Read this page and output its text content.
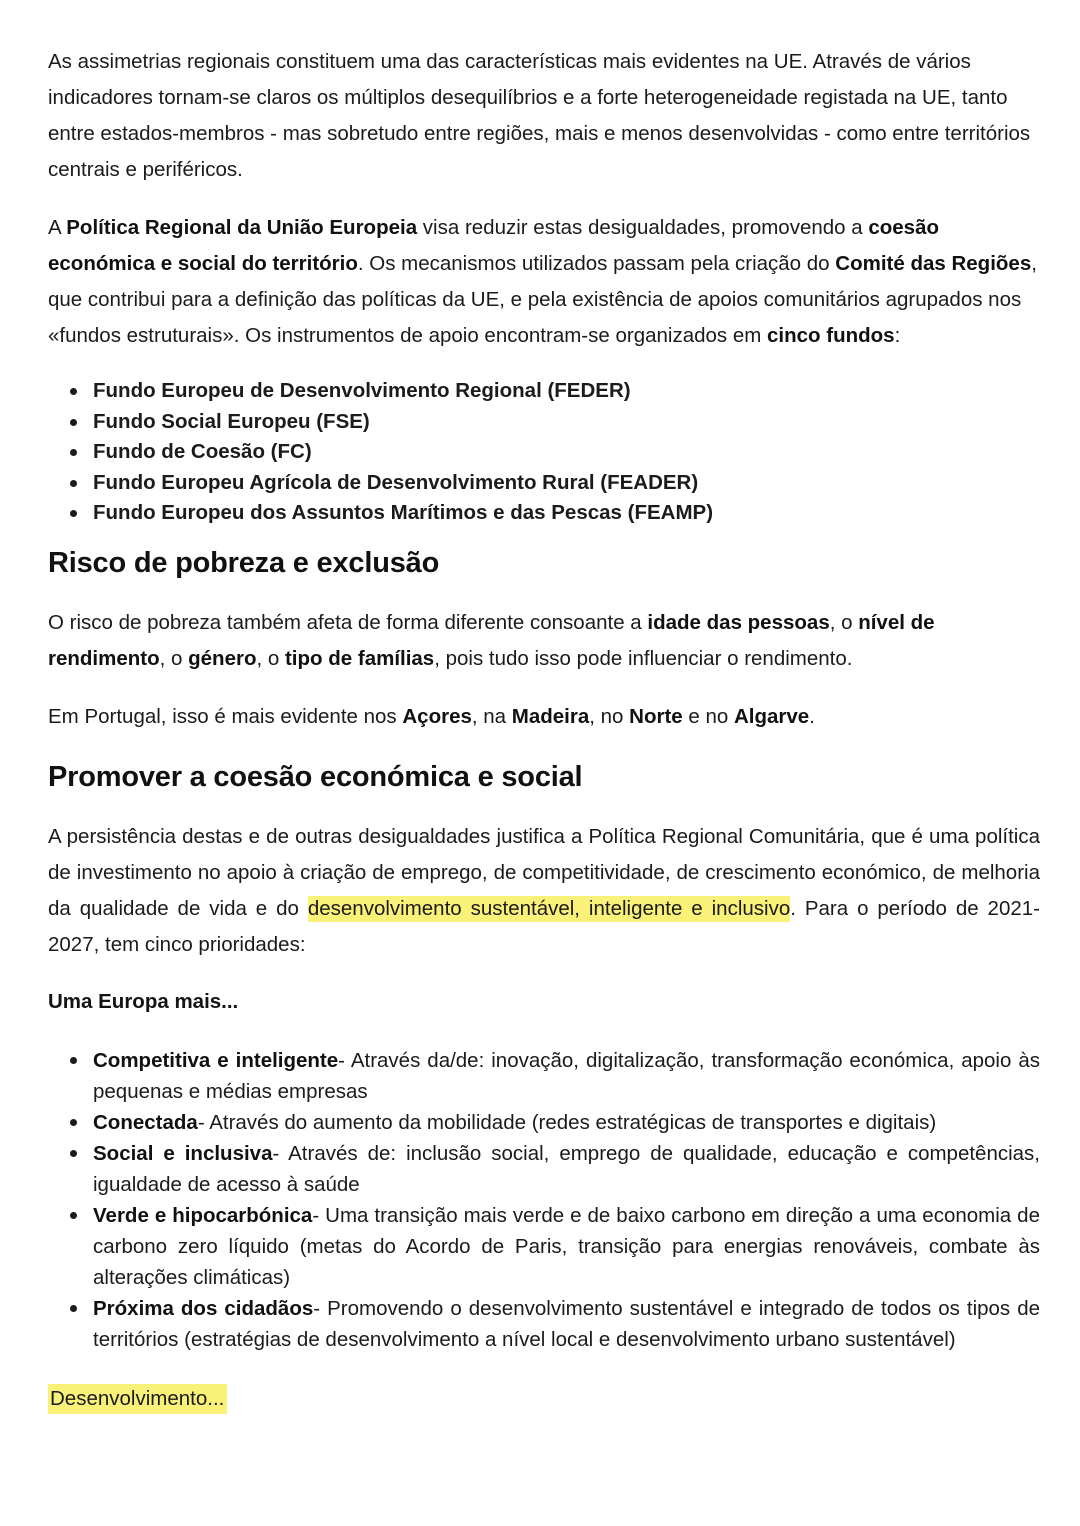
As assimetrias regionais constituem uma das características mais evidentes na UE. Através de vários indicadores tornam-se claros os múltiplos desequilíbrios e a forte heterogeneidade registada na UE, tanto entre estados-membros - mas sobretudo entre regiões, mais e menos desenvolvidas - como entre territórios centrais e periféricos.

A Política Regional da União Europeia visa reduzir estas desigualdades, promovendo a coesão económica e social do território. Os mecanismos utilizados passam pela criação do Comité das Regiões, que contribui para a definição das políticas da UE, e pela existência de apoios comunitários agrupados nos «fundos estruturais». Os instrumentos de apoio encontram-se organizados em cinco fundos:

Fundo Europeu de Desenvolvimento Regional (FEDER)
Fundo Social Europeu (FSE)
Fundo de Coesão (FC)
Fundo Europeu Agrícola de Desenvolvimento Rural (FEADER)
Fundo Europeu dos Assuntos Marítimos e das Pescas (FEAMP)
Risco de pobreza e exclusão

O risco de pobreza também afeta de forma diferente consoante a idade das pessoas, o nível de rendimento, o género, o tipo de famílias, pois tudo isso pode influenciar o rendimento.

Em Portugal, isso é mais evidente nos Açores, na Madeira, no Norte e no Algarve.

Promover a coesão económica e social

A persistência destas e de outras desigualdades justifica a Política Regional Comunitária, que é uma política de investimento no apoio à criação de emprego, de competitividade, de crescimento económico, de melhoria da qualidade de vida e do desenvolvimento sustentável, inteligente e inclusivo. Para o período de 2021-2027, tem cinco prioridades:

Uma Europa mais...

Competitiva e inteligente- Através da/de: inovação, digitalização, transformação económica, apoio às pequenas e médias empresas
Conectada- Através do aumento da mobilidade (redes estratégicas de transportes e digitais)
Social e inclusiva- Através de: inclusão social, emprego de qualidade, educação e competências, igualdade de acesso à saúde
Verde e hipocarbónica- Uma transição mais verde e de baixo carbono em direção a uma economia de carbono zero líquido (metas do Acordo de Paris, transição para energias renováveis, combate às alterações climáticas)
Próxima dos cidadãos- Promovendo o desenvolvimento sustentável e integrado de todos os tipos de territórios (estratégias de desenvolvimento a nível local e desenvolvimento urbano sustentável)

Desenvolvimento...
